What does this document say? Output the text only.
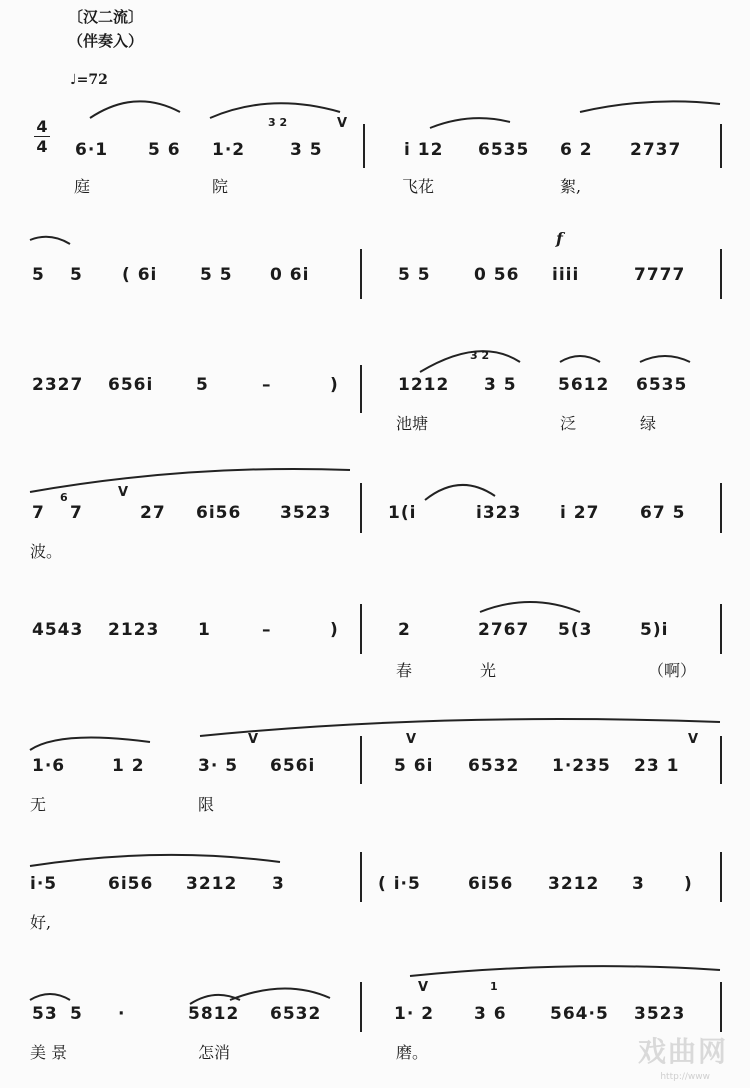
〔汉二流〕
（伴奏入）
♩=72
4
4 6·1 5 6 1·2	3 5
V
3 2
i 12 6535 6 2 2737
庭	院	飞花	絮,
5 5 ( 6i	5 5 0 6i	5 5	0 56
f
iiii	7777
2327 656i	5	–	)	1212
3 2
3 5 5612 6535
池塘	泛	绿
7
6
7
V
27 6i56 3523	1(i	i323 i 27 67 5
波。
4543 2123 1	–	)	2	2767 5(3	5)i
春	光	（啊）
1·6	1 2
V
3· 5 656i
V
5 6i 6532 1·235 23 1
V
无	限
i·5	6i56 3212 3	( i·5	6i56 3212 3 )
好,
53 5 ·	5812 6532
V
1· 2
1
3 6	564·5 3523
美 景	怎消	磨。	戏曲网
http://www
